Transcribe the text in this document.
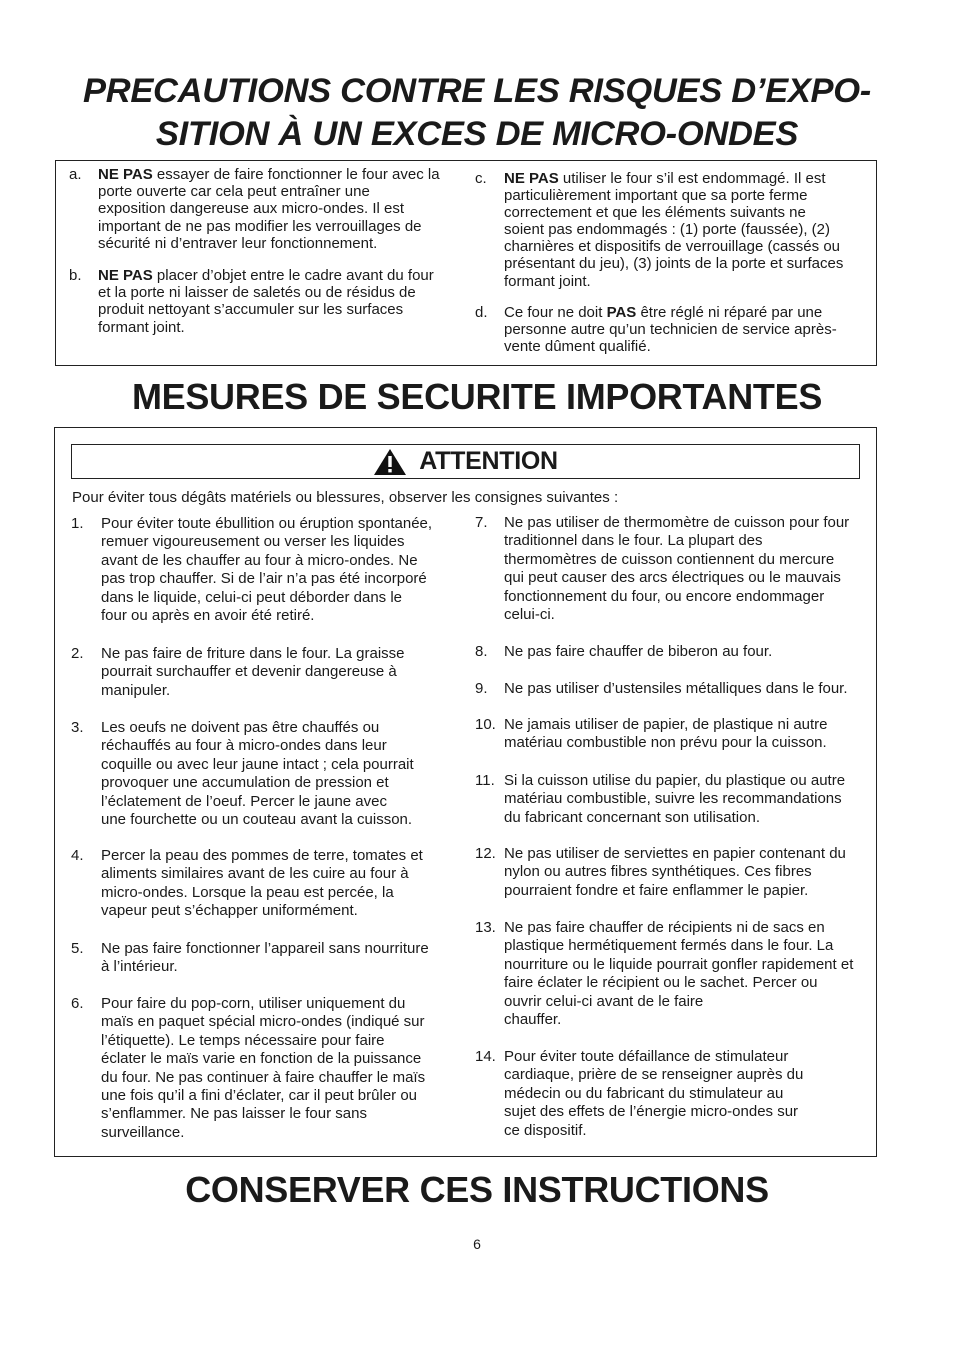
PRECAUTIONS CONTRE LES RISQUES D’EXPO-
SITION À UN EXCES DE MICRO-ONDES
a. NE PAS essayer de faire fonctionner le four avec la
porte ouverte car cela peut entraîner une
exposition dangereuse aux micro-ondes. Il est
important de ne pas modifier les verrouillages de
sécurité ni d’entraver leur fonctionnement.
b. NE PAS placer d’objet entre le cadre avant du four
et la porte ni laisser de saletés ou de résidus de
produit nettoyant s’accumuler sur les surfaces
formant joint.
c. NE PAS utiliser le four s’il est endommagé. Il est
particulièrement important que sa porte ferme
correctement et que les éléments suivants ne
soient pas endommagés : (1) porte (faussée), (2)
charnières et dispositifs de verrouillage (cassés ou
présentant du jeu), (3) joints de la porte et surfaces
formant joint.
d. Ce four ne doit PAS être réglé ni réparé par une
personne autre qu’un technicien de service après-
vente dûment qualifié.
MESURES DE SECURITE IMPORTANTES
ATTENTION
Pour éviter tous dégâts matériels ou blessures, observer les consignes suivantes :
1. Pour éviter toute ébullition ou éruption spontanée,
remuer vigoureusement ou verser les liquides
avant de les chauffer au four à micro-ondes. Ne
pas trop chauffer. Si de l’air n’a pas été incorporé
dans le liquide, celui-ci peut déborder dans le
four ou après en avoir été retiré.
2. Ne pas faire de friture dans le four. La graisse
pourrait surchauffer et devenir dangereuse à
manipuler.
3. Les oeufs ne doivent pas être chauffés ou
réchauffés au four à micro-ondes dans leur
coquille ou avec leur jaune intact ; cela pourrait
provoquer une accumulation de pression et
l’éclatement de l’oeuf. Percer le jaune avec
une fourchette ou un couteau avant la cuisson.
4. Percer la peau des pommes de terre, tomates et
aliments similaires avant de les cuire au four à
micro-ondes. Lorsque la peau est percée, la
vapeur peut s’échapper uniformément.
5. Ne pas faire fonctionner l’appareil sans nourriture
à l’intérieur.
6. Pour faire du pop-corn, utiliser uniquement du
maïs en paquet spécial micro-ondes (indiqué sur
l’étiquette). Le temps nécessaire pour faire
éclater le maïs varie en fonction de la puissance
du four. Ne pas continuer à faire chauffer le maïs
une fois qu’il a fini d’éclater, car il peut brûler ou
s’enflammer. Ne pas laisser le four sans
surveillance.
7. Ne pas utiliser de thermomètre de cuisson pour four
traditionnel dans le four. La plupart des
thermomètres de cuisson contiennent du mercure
qui peut causer des arcs électriques ou le mauvais
fonctionnement du four, ou encore endommager
celui-ci.
8. Ne pas faire chauffer de biberon au four.
9. Ne pas utiliser d’ustensiles métalliques dans le four.
10. Ne jamais utiliser de papier, de plastique ni autre
matériau combustible non prévu pour la cuisson.
11. Si la cuisson utilise du papier, du plastique ou autre
matériau combustible, suivre les recommandations
du fabricant concernant son utilisation.
12. Ne pas utiliser de serviettes en papier contenant du
nylon ou autres fibres synthétiques. Ces fibres
pourraient fondre et faire enflammer le papier.
13. Ne pas faire chauffer de récipients ni de sacs en
plastique hermétiquement fermés dans le four. La
nourriture ou le liquide pourrait gonfler rapidement et
faire éclater le récipient ou le sachet. Percer ou
ouvrir celui-ci avant de le faire
chauffer.
14. Pour éviter toute défaillance de stimulateur
cardiaque, prière de se renseigner auprès du
médecin ou du fabricant du stimulateur au
sujet des effets de l’énergie micro-ondes sur
ce dispositif.
CONSERVER CES INSTRUCTIONS
6
